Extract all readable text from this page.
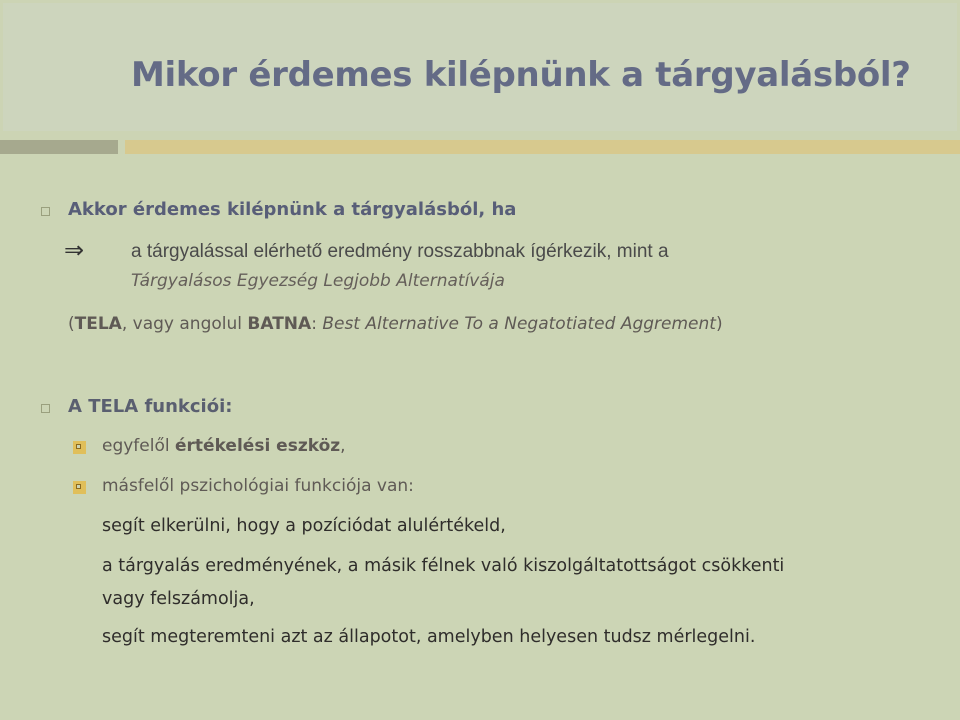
Mikor érdemes kilépnünk a tárgyalásból?
Akkor érdemes kilépnünk a tárgyalásból, ha
⇒ a tárgyalással elérhető eredmény rosszabbnak ígérkezik, mint a
Tárgyalásos Egyezség Legjobb Alternatívája
(TELA, vagy angolul BATNA: Best Alternative To a Negatotiated Aggrement)
A TELA funkciói:
egyfelől értékelési eszköz,
másfelől pszichológiai funkciója van:
segít elkerülni, hogy a pozíciódat alulértékeld,
a tárgyalás eredményének, a másik félnek való kiszolgáltatottságot csökkenti
vagy felszámolja,
segít megteremteni azt az állapotot, amelyben helyesen tudsz mérlegelni.
